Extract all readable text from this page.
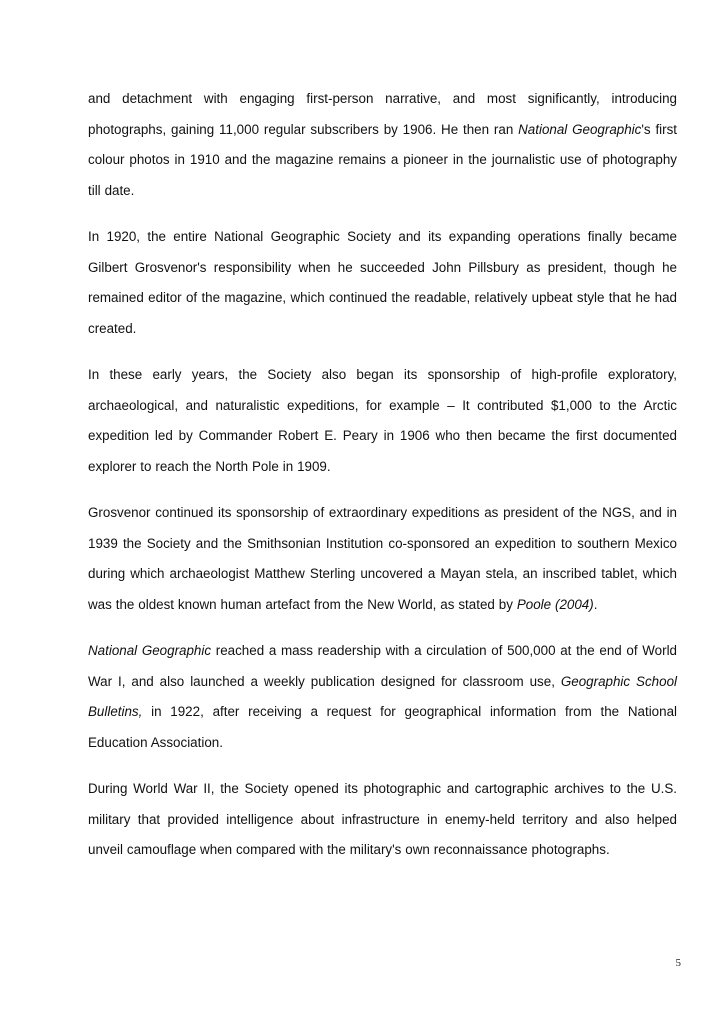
and detachment with engaging first-person narrative, and most significantly, introducing photographs, gaining 11,000 regular subscribers by 1906. He then ran National Geographic's first colour photos in 1910 and the magazine remains a pioneer in the journalistic use of photography till date.

In 1920, the entire National Geographic Society and its expanding operations finally became Gilbert Grosvenor's responsibility when he succeeded John Pillsbury as president, though he remained editor of the magazine, which continued the readable, relatively upbeat style that he had created.

In these early years, the Society also began its sponsorship of high-profile exploratory, archaeological, and naturalistic expeditions, for example – It contributed $1,000 to the Arctic expedition led by Commander Robert E. Peary in 1906 who then became the first documented explorer to reach the North Pole in 1909.

Grosvenor continued its sponsorship of extraordinary expeditions as president of the NGS, and in 1939 the Society and the Smithsonian Institution co-sponsored an expedition to southern Mexico during which archaeologist Matthew Sterling uncovered a Mayan stela, an inscribed tablet, which was the oldest known human artefact from the New World, as stated by Poole (2004).

National Geographic reached a mass readership with a circulation of 500,000 at the end of World War I, and also launched a weekly publication designed for classroom use, Geographic School Bulletins, in 1922, after receiving a request for geographical information from the National Education Association.

During World War II, the Society opened its photographic and cartographic archives to the U.S. military that provided intelligence about infrastructure in enemy-held territory and also helped unveil camouflage when compared with the military's own reconnaissance photographs.

5
